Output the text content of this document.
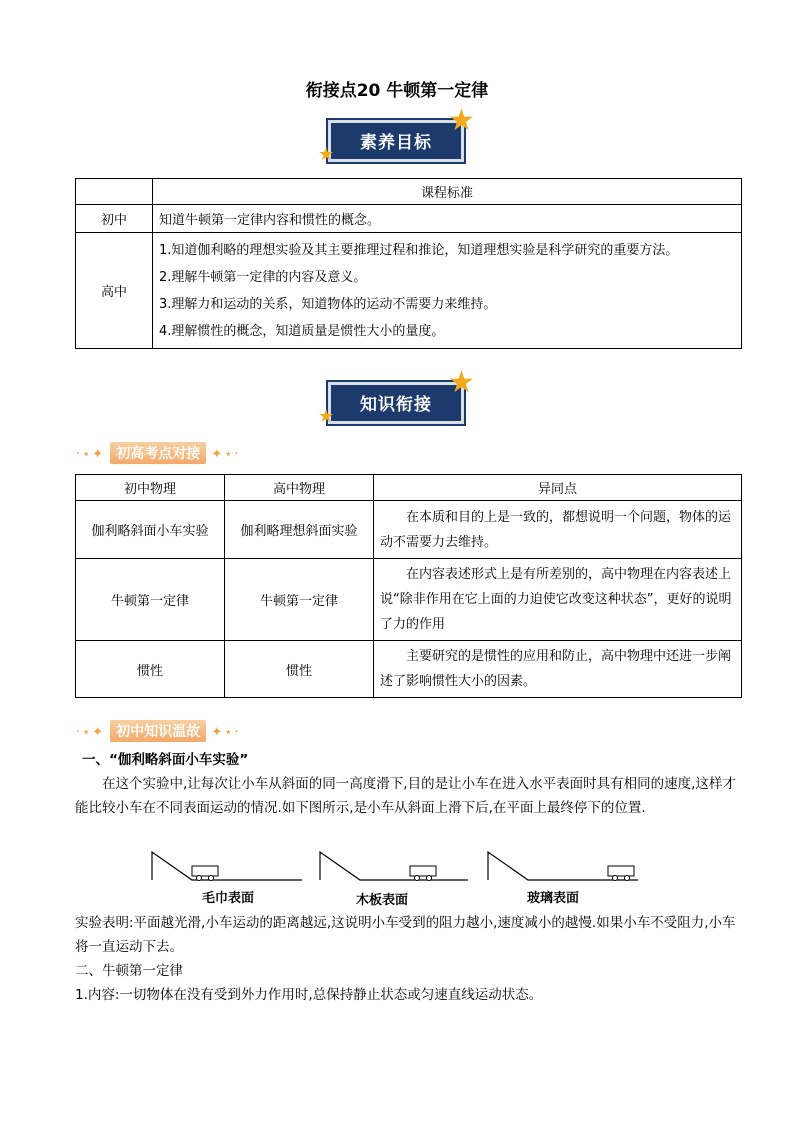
衔接点20 牛顿第一定律
素养目标
★
★
	课程标准
初中	知道牛顿第一定律内容和惯性的概念。
高中	1.知道伽利略的理想实验及其主要推理过程和推论，知道理想实验是科学研究的重要方法。
2.理解牛顿第一定律的内容及意义。
3.理解力和运动的关系，知道物体的运动不需要力来维持。
4.理解惯性的概念，知道质量是惯性大小的量度。
知识衔接
★
★
·⋆✦ 初高考点对接 ✦⋆·
初中物理	高中物理	异同点
伽利略斜面小车实验	伽利略理想斜面实验	在本质和目的上是一致的，都想说明一个问题，物体的运动不需要力去维持。
牛顿第一定律	牛顿第一定律	在内容表述形式上是有所差别的，高中物理在内容表述上说“除非作用在它上面的力迫使它改变这种状态”，更好的说明了力的作用
惯性	惯性	主要研究的是惯性的应用和防止，高中物理中还进一步阐述了影响惯性大小的因素。
·⋆✦ 初中知识温故 ✦⋆·
一、“伽利略斜面小车实验”
在这个实验中,让每次让小车从斜面的同一高度滑下,目的是让小车在进入水平表面时具有相同的速度,这样才能比较小车在不同表面运动的情况.如下图所示,是小车从斜面上滑下后,在平面上最终停下的位置.
毛巾表面	木板表面	玻璃表面
实验表明:平面越光滑,小车运动的距离越远,这说明小车受到的阻力越小,速度减小的越慢.如果小车不受阻力,小车将一直运动下去。
二、牛顿第一定律
1.内容:一切物体在没有受到外力作用时,总保持静止状态或匀速直线运动状态。
